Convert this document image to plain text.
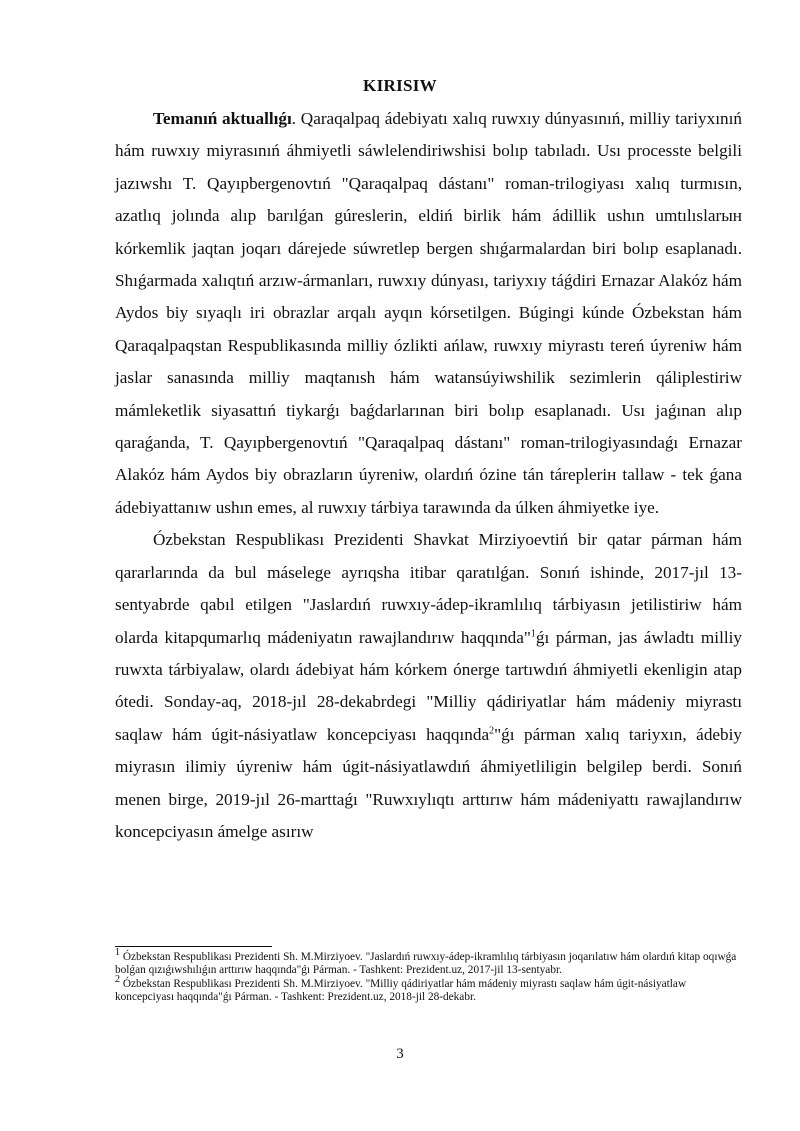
KIRISIW

Temanıń aktuallıǵı. Qaraqalpaq ádebiyatı xalıq ruwxıy dúnyasınıń, milliy tariyxınıń hám ruwxıy miyrasınıń áhmiyetli sáwlelendiriwshisi bolıp tabıladı. Usı processte belgili jazıwshı T. Qayıpbergenovtıń "Qaraqalpaq dástanı" roman-trilogiyası xalıq turmısın, azatlıq jolında alıp barılǵan gúreslerin, eldiń birlik hám ádillik ushın umtılıslarын kórkemlik jaqtan joqarı dárejede súwretlep bergen shıǵarmalardan biri bolıp esaplanadı. Shıǵarmada xalıqtıń arzıw-ármanları, ruwxıy dúnyası, tariyxıy táǵdiri Ernazar Alakóz hám Aydos biy sıyaqlı iri obrazlar arqalı ayqın kórsetilgen. Búgingi kúnde Ózbekstan hám Qaraqalpaqstan Respublikasında milliy ózlikti ańlaw, ruwxıy miyrastı tereń úyreniw hám jaslar sanasında milliy maqtanısh hám watansúyiwshilik sezimlerin qáliplestiriw mámleketlik siyasattıń tiykarǵı baǵdarlarınan biri bolıp esaplanadı. Usı jaǵınan alıp qaraǵanda, T. Qayıpbergenovtıń "Qaraqalpaq dástanı" roman-trilogiyasındaǵı Ernazar Alakóz hám Aydos biy obrazların úyreniw, olardıń ózine tán tárepleriн tallaw - tek ǵana ádebiyattanıw ushın emes, al ruwxıy tárbiya tarawında da úlken áhmiyetke iye.

Ózbekstan Respublikası Prezidenti Shavkat Mirziyoevtiń bir qatar párman hám qararlarında da bul máselege ayrıqsha itibar qaratılǵan. Sonıń ishinde, 2017-jıl 13-sentyabrde qabıl etilgen "Jaslardıń ruwxıy-ádep-ikramlılıq tárbiyasın jetilistiriw hám olarda kitapqumarlıq mádeniyatın rawajlandırıw haqqında"$^1$ǵı párman, jas áwladtı milliy ruwxta tárbiyalaw, olardı ádebiyat hám kórkem ónerge tartıwdıń áhmiyetli ekenligin atap ótedi. Sonday-aq, 2018-jıl 28-dekabrdegi "Milliy qádiriyatlar hám mádeniy miyrastı saqlaw hám úgit-násiyatlaw koncepciyası haqqında$^2$"ǵı párman xalıq tariyxın, ádebiy miyrasın ilimiy úyreniw hám úgit-násiyatlawdıń áhmiyetliligin belgilep berdi. Sonıń menen birge, 2019-jıl 26-marttaǵı "Ruwxıylıqtı arttırıw hám mádeniyattı rawajlandırıw koncepciyasın ámelge asırıw

$^1$ Ózbekstan Respublikası Prezidenti Sh. M.Mirziyoev. "Jaslardıń ruwxıy-ádep-ikramlılıq tárbiyasın joqarılatıw hám olardıń kitap oqıwǵa bolǵan qızıǵıwshılıǵın arttırıw haqqında"ǵı Párman. - Tashkent: Prezident.uz, 2017-jil 13-sentyabr.

$^2$ Ózbekstan Respublikası Prezidenti Sh. M.Mirziyoev. "Milliy qádiriyatlar hám mádeniy miyrastı saqlaw hám úgit-násiyatlaw koncepciyası haqqında"ǵı Párman. - Tashkent: Prezident.uz, 2018-jil 28-dekabr.

3
